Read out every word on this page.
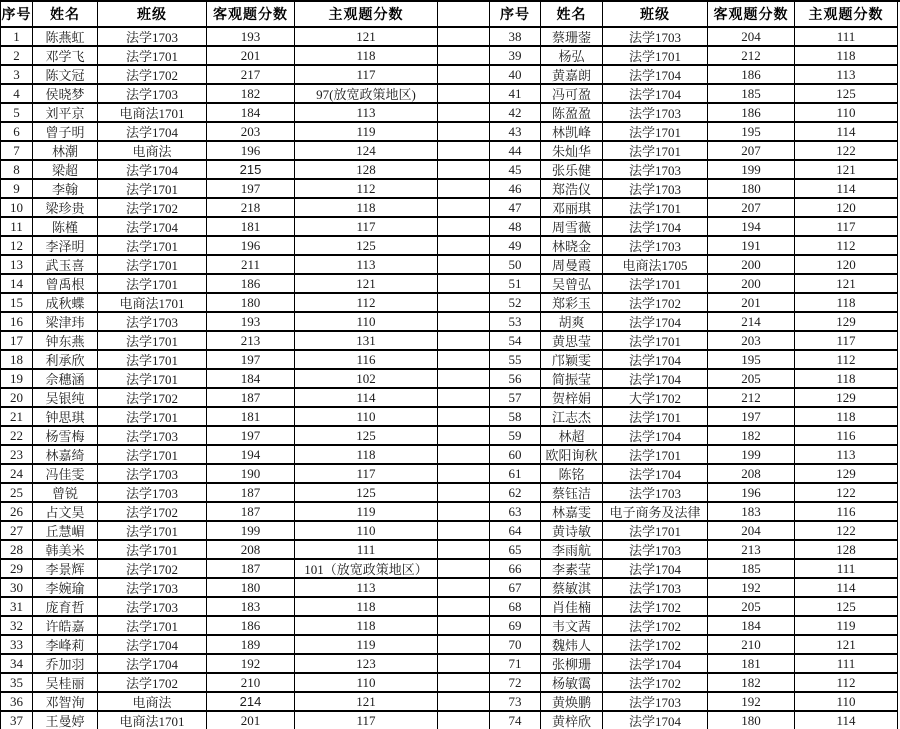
序号	姓名	班级	客观题分数	主观题分数	序号	姓名	班级	客观题分数	主观题分数
1	陈燕虹	法学1703	193	121	38	蔡珊蓥	法学1703	204	111
2	邓学飞	法学1701	201	118	39	杨弘	法学1701	212	118
3	陈文冠	法学1702	217	117	40	黄嘉朗	法学1704	186	113
4	侯晓梦	法学1703	182	97(放宽政策地区)	41	冯可盈	法学1704	185	125
5	刘平京	电商法1701	184	113	42	陈盈盈	法学1703	186	110
6	曾子明	法学1704	203	119	43	林凯峰	法学1701	195	114
7	林潮	电商法	196	124	44	朱灿华	法学1701	207	122
8	梁超	法学1704	215	128	45	张乐健	法学1703	199	121
9	李翰	法学1701	197	112	46	郑浩仪	法学1703	180	114
10	梁珍贵	法学1702	218	118	47	邓丽琪	法学1701	207	120
11	陈槿	法学1704	181	117	48	周雪薇	法学1704	194	117
12	李泽明	法学1701	196	125	49	林晓金	法学1703	191	112
13	武玉喜	法学1701	211	113	50	周曼霞	电商法1705	200	120
14	曾禹根	法学1701	186	121	51	吴曾弘	法学1701	200	121
15	成秋蝶	电商法1701	180	112	52	郑彩玉	法学1702	201	118
16	梁津玮	法学1703	193	110	53	胡爽	法学1704	214	129
17	钟东燕	法学1701	213	131	54	黄思莹	法学1701	203	117
18	利承欣	法学1701	197	116	55	邝颖雯	法学1704	195	112
19	佘穗涵	法学1701	184	102	56	简振莹	法学1704	205	118
20	吴银纯	法学1702	187	114	57	贺梓娟	大学1702	212	129
21	钟思琪	法学1701	181	110	58	江志杰	法学1701	197	118
22	杨雪梅	法学1703	197	125	59	林超	法学1704	182	116
23	林嘉绮	法学1701	194	118	60	欧阳询秋	法学1701	199	113
24	冯佳雯	法学1703	190	117	61	陈铭	法学1704	208	129
25	曾锐	法学1703	187	125	62	蔡钰洁	法学1703	196	122
26	占文昊	法学1702	187	119	63	林嘉雯	电子商务及法律	183	116
27	丘慧嵋	法学1701	199	110	64	黄诗敏	法学1701	204	122
28	韩美米	法学1701	208	111	65	李雨航	法学1703	213	128
29	李景辉	法学1702	187	101（放宽政策地区）	66	李素莹	法学1704	185	111
30	李婉瑜	法学1703	180	113	67	蔡敏淇	法学1703	192	114
31	庞育哲	法学1703	183	118	68	肖佳楠	法学1702	205	125
32	许皓嘉	法学1701	186	118	69	韦文茜	法学1702	184	119
33	李峰莉	法学1704	189	119	70	魏炜人	法学1702	210	121
34	乔加羽	法学1704	192	123	71	张柳珊	法学1704	181	111
35	吴桂丽	法学1702	210	110	72	杨敏霭	法学1702	182	112
36	邓智洵	电商法	214	121	73	黄焕鹏	法学1703	192	110
37	王曼婷	电商法1701	201	117	74	黄梓欣	法学1704	180	114
